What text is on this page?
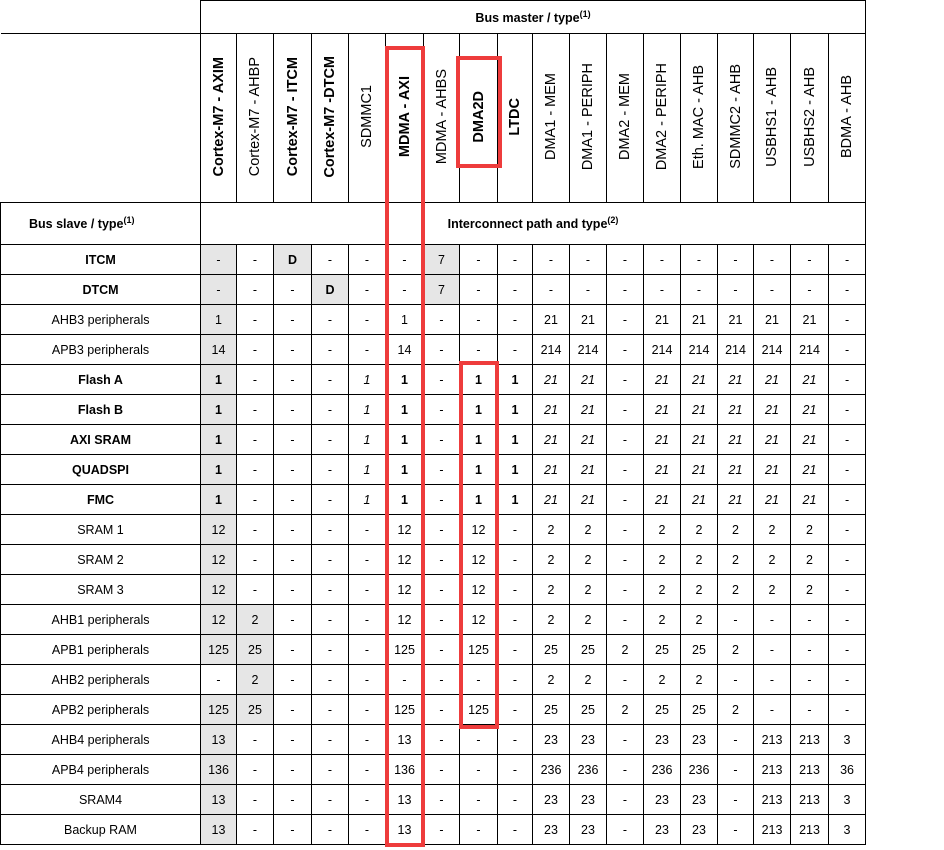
	Bus master / type$^{(1)}$
	Cortex-M7 - AXIM	Cortex-M7 - AHBP	Cortex-M7 - ITCM	Cortex-M7 -DTCM	SDMMC1	MDMA - AXI	MDMA - AHBS	DMA2D	LTDC	DMA1 - MEM	DMA1 - PERIPH	DMA2 - MEM	DMA2 - PERIPH	Eth. MAC - AHB	SDMMC2 - AHB	USBHS1 - AHB	USBHS2 - AHB	BDMA - AHB
Bus slave / type$^{(1)}$	Interconnect path and type$^{(2)}$
ITCM	-	-	D	-	-	-	7	-	-	-	-	-	-	-	-	-	-	-
DTCM	-	-	-	D	-	-	7	-	-	-	-	-	-	-	-	-	-	-
AHB3 peripherals	1	-	-	-	-	1	-	-	-	21	21	-	21	21	21	21	21	-
APB3 peripherals	14	-	-	-	-	14	-	-	-	214	214	-	214	214	214	214	214	-
Flash A	1	-	-	-	1	1	-	1	1	21	21	-	21	21	21	21	21	-
Flash B	1	-	-	-	1	1	-	1	1	21	21	-	21	21	21	21	21	-
AXI SRAM	1	-	-	-	1	1	-	1	1	21	21	-	21	21	21	21	21	-
QUADSPI	1	-	-	-	1	1	-	1	1	21	21	-	21	21	21	21	21	-
FMC	1	-	-	-	1	1	-	1	1	21	21	-	21	21	21	21	21	-
SRAM 1	12	-	-	-	-	12	-	12	-	2	2	-	2	2	2	2	2	-
SRAM 2	12	-	-	-	-	12	-	12	-	2	2	-	2	2	2	2	2	-
SRAM 3	12	-	-	-	-	12	-	12	-	2	2	-	2	2	2	2	2	-
AHB1 peripherals	12	2	-	-	-	12	-	12	-	2	2	-	2	2	-	-	-	-
APB1 peripherals	125	25	-	-	-	125	-	125	-	25	25	2	25	25	2	-	-	-
AHB2 peripherals	-	2	-	-	-	-	-	-	-	2	2	-	2	2	-	-	-	-
APB2 peripherals	125	25	-	-	-	125	-	125	-	25	25	2	25	25	2	-	-	-
AHB4 peripherals	13	-	-	-	-	13	-	-	-	23	23	-	23	23	-	213	213	3
APB4 peripherals	136	-	-	-	-	136	-	-	-	236	236	-	236	236	-	213	213	36
SRAM4	13	-	-	-	-	13	-	-	-	23	23	-	23	23	-	213	213	3
Backup RAM	13	-	-	-	-	13	-	-	-	23	23	-	23	23	-	213	213	3
